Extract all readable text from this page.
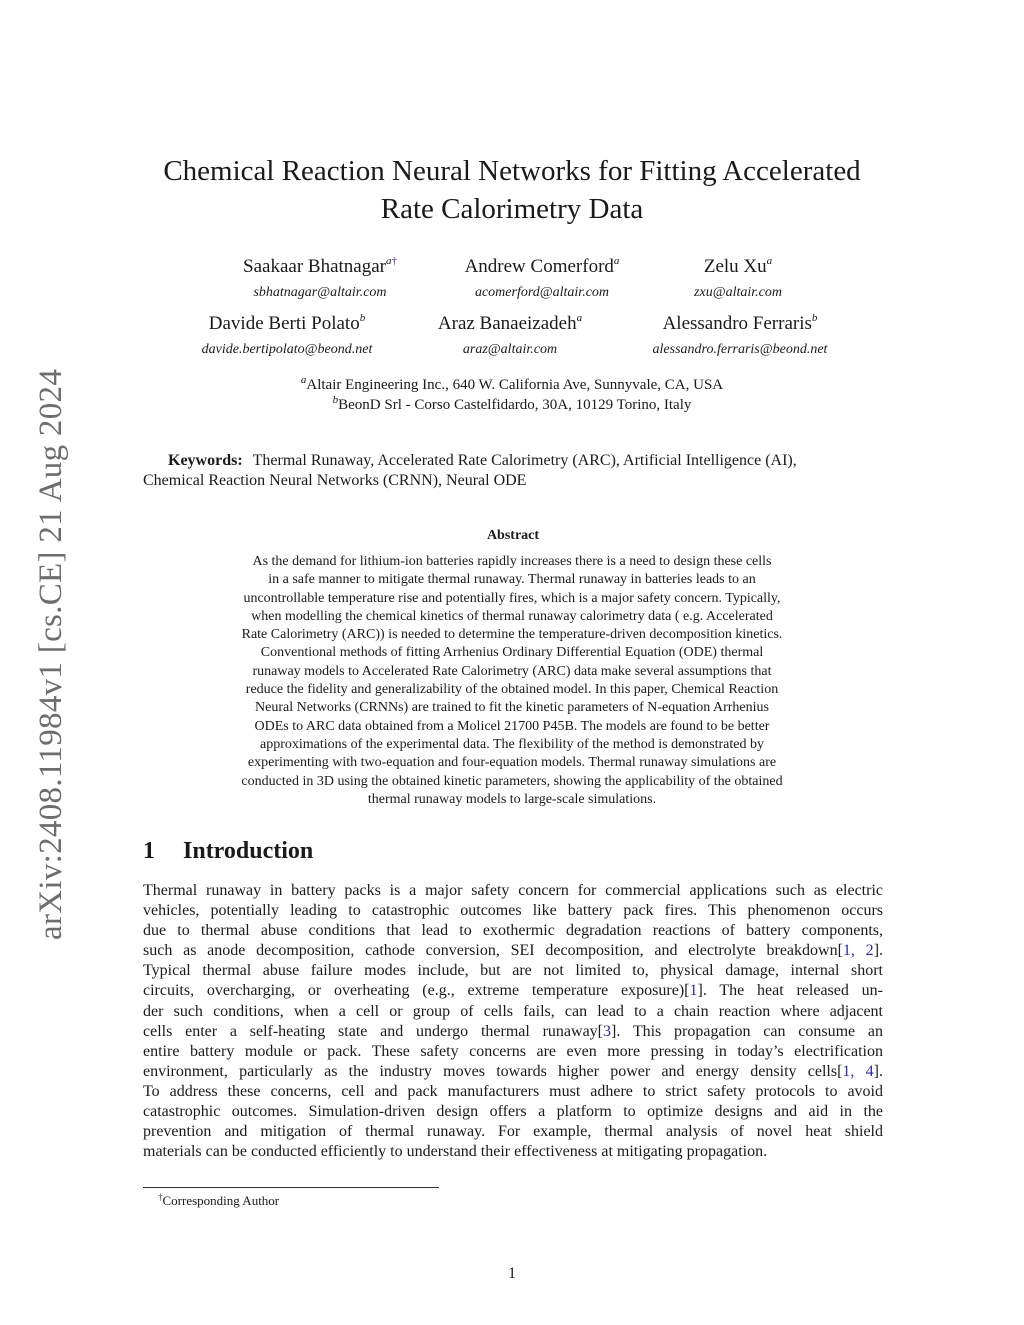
arXiv:2408.11984v1 [cs.CE] 21 Aug 2024
Chemical Reaction Neural Networks for Fitting Accelerated
Rate Calorimetry Data
Saakaar Bhatnagar$^{a\dagger}$
sbhatnagar@altair.com
Andrew Comerford$^a$
acomerford@altair.com
Zelu Xu$^a$
zxu@altair.com
Davide Berti Polato$^b$
davide.bertipolato@beond.net
Araz Banaeizadeh$^a$
araz@altair.com
Alessandro Ferraris$^b$
alessandro.ferraris@beond.net
$^a$Altair Engineering Inc., 640 W. California Ave, Sunnyvale, CA, USA
$^b$BeonD Srl - Corso Castelfidardo, 30A, 10129 Torino, Italy
Keywords: Thermal Runaway, Accelerated Rate Calorimetry (ARC), Artificial Intelligence (AI),
Chemical Reaction Neural Networks (CRNN), Neural ODE
Abstract
As the demand for lithium-ion batteries rapidly increases there is a need to design these cells
in a safe manner to mitigate thermal runaway. Thermal runaway in batteries leads to an
uncontrollable temperature rise and potentially fires, which is a major safety concern. Typically,
when modelling the chemical kinetics of thermal runaway calorimetry data ( e.g. Accelerated
Rate Calorimetry (ARC)) is needed to determine the temperature-driven decomposition kinetics.
Conventional methods of fitting Arrhenius Ordinary Differential Equation (ODE) thermal
runaway models to Accelerated Rate Calorimetry (ARC) data make several assumptions that
reduce the fidelity and generalizability of the obtained model. In this paper, Chemical Reaction
Neural Networks (CRNNs) are trained to fit the kinetic parameters of N-equation Arrhenius
ODEs to ARC data obtained from a Molicel 21700 P45B. The models are found to be better
approximations of the experimental data. The flexibility of the method is demonstrated by
experimenting with two-equation and four-equation models. Thermal runaway simulations are
conducted in 3D using the obtained kinetic parameters, showing the applicability of the obtained
thermal runaway models to large-scale simulations.
1 Introduction
Thermal runaway in battery packs is a major safety concern for commercial applications such as electric
vehicles, potentially leading to catastrophic outcomes like battery pack fires. This phenomenon occurs
due to thermal abuse conditions that lead to exothermic degradation reactions of battery components,
such as anode decomposition, cathode conversion, SEI decomposition, and electrolyte breakdown[1, 2].
Typical thermal abuse failure modes include, but are not limited to, physical damage, internal short
circuits, overcharging, or overheating (e.g., extreme temperature exposure)[1]. The heat released un-
der such conditions, when a cell or group of cells fails, can lead to a chain reaction where adjacent
cells enter a self-heating state and undergo thermal runaway[3]. This propagation can consume an
entire battery module or pack. These safety concerns are even more pressing in today’s electrification
environment, particularly as the industry moves towards higher power and energy density cells[1, 4].
To address these concerns, cell and pack manufacturers must adhere to strict safety protocols to avoid
catastrophic outcomes. Simulation-driven design offers a platform to optimize designs and aid in the
prevention and mitigation of thermal runaway. For example, thermal analysis of novel heat shield
materials can be conducted efficiently to understand their effectiveness at mitigating propagation.
†Corresponding Author
1
